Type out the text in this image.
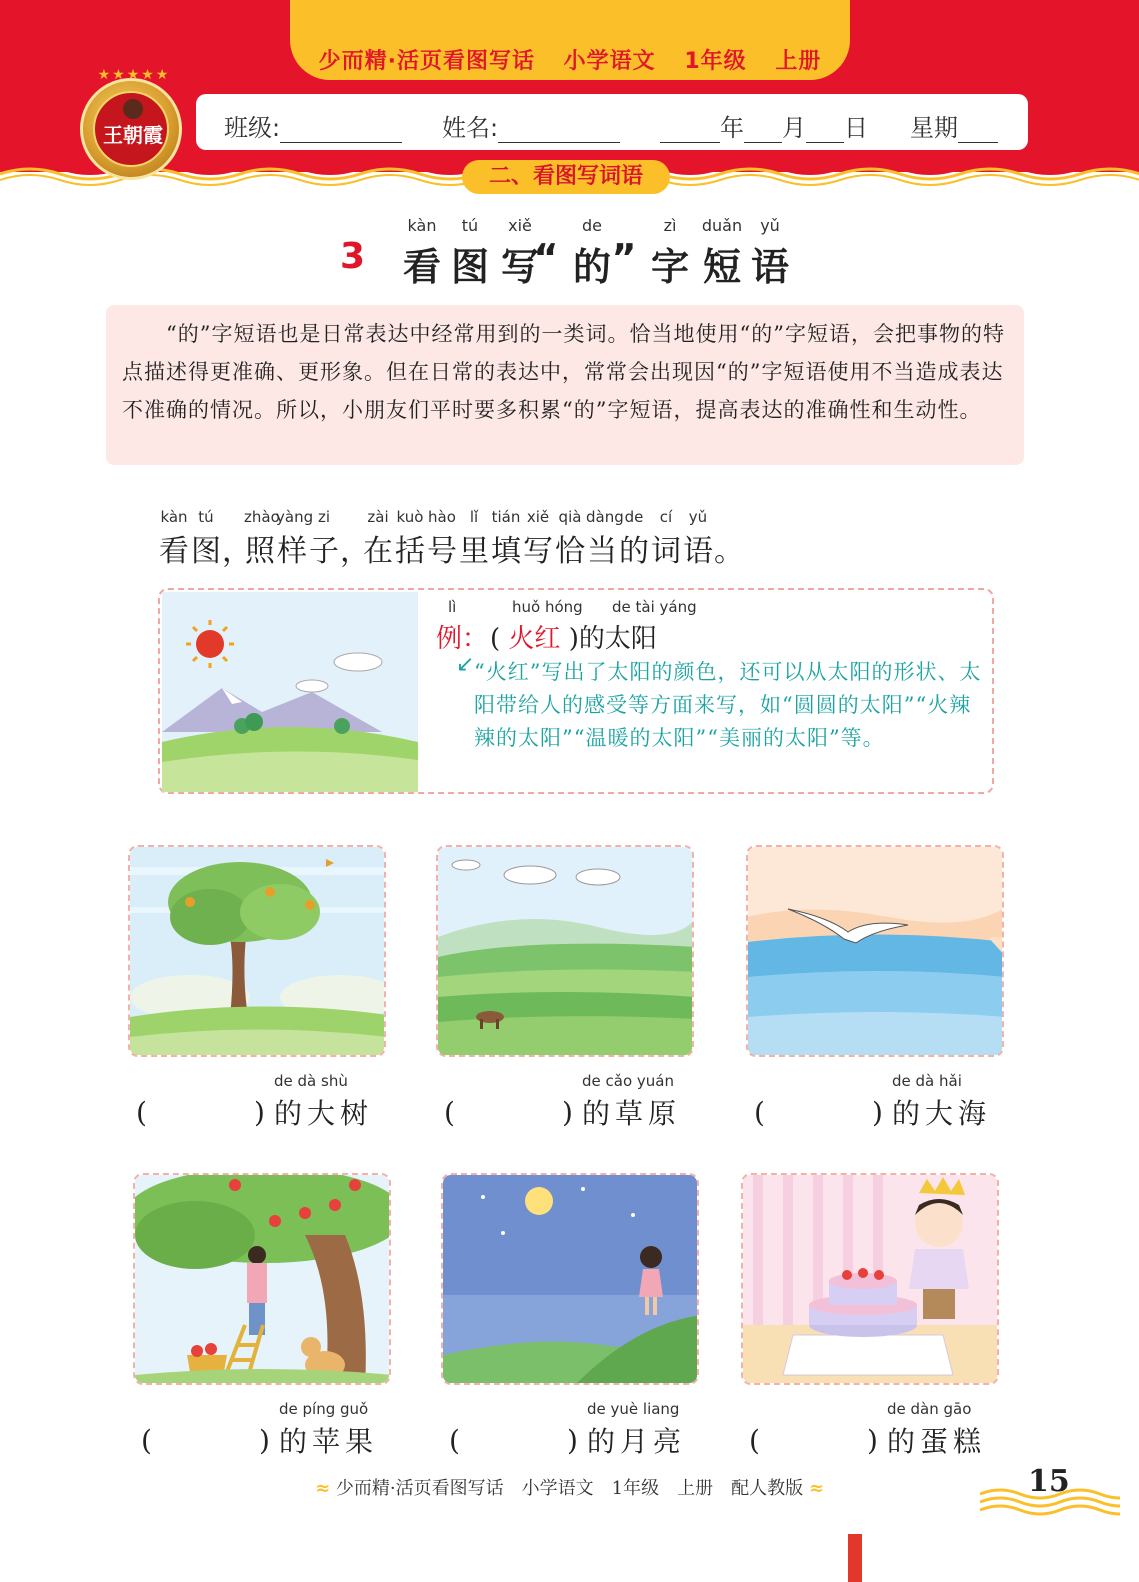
少而精·活页看图写话 小学语文 1年级 上册
★★★★★
王朝霞	班级:	姓名:	年 月 日 星期
二、看图写词语
3
kàn
看
tú
图
xiě
写
“
de
的 ”
zì
字
duǎn
短
yǔ
语
“的”字短语也是日常表达中经常用到的一类词。恰当地使用“的”字短语，会把事物的特点描述得更准确、更形象。但在日常的表达中，常常会出现因“的”字短语使用不当造成表达不准确的情况。所以，小朋友们平时要多积累“的”字短语，提高表达的准确性和生动性。
kàn
看
tú
图 ，
zhào
照
yàng
样
zi
子 ，
zài
在
kuò
括
hào
号
lǐ
里
tián
填
xiě
写
qià
恰
dàng
当
de
的
cí
词
yǔ
语 。
lì
例：
huǒ hóng de tài yáng
( 火红 )的太阳
↙ “火红”写出了太阳的颜色，还可以从太阳的形状、太阳带给人的感受等方面来写，如“圆圆的太阳”“火辣辣的太阳”“温暖的太阳”“美丽的太阳”等。
(	)
de dà shù
的大树	(	)
de cǎo yuán
的草原	(	)
de dà hǎi
的大海
(	)
de píng guǒ
的苹果	(	)
de yuè liang
的月亮 (	)
de dàn gāo
的蛋糕
≈ 少而精·活页看图写话　小学语文　1年级　上册　配人教版 ≈	15
